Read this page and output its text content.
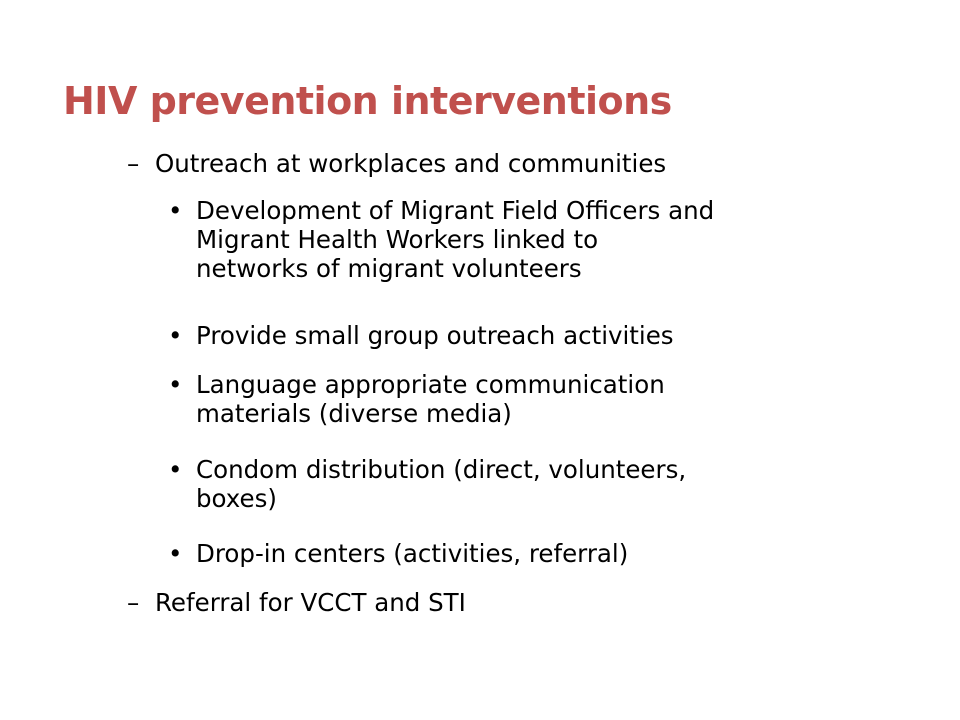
HIV prevention interventions
– Outreach at workplaces and communities
• Development of Migrant Field Officers and
Migrant Health Workers linked to
networks of migrant volunteers
• Provide small group outreach activities
• Language appropriate communication
materials (diverse media)
• Condom distribution (direct, volunteers,
boxes)
• Drop-in centers (activities, referral)
– Referral for VCCT and STI
